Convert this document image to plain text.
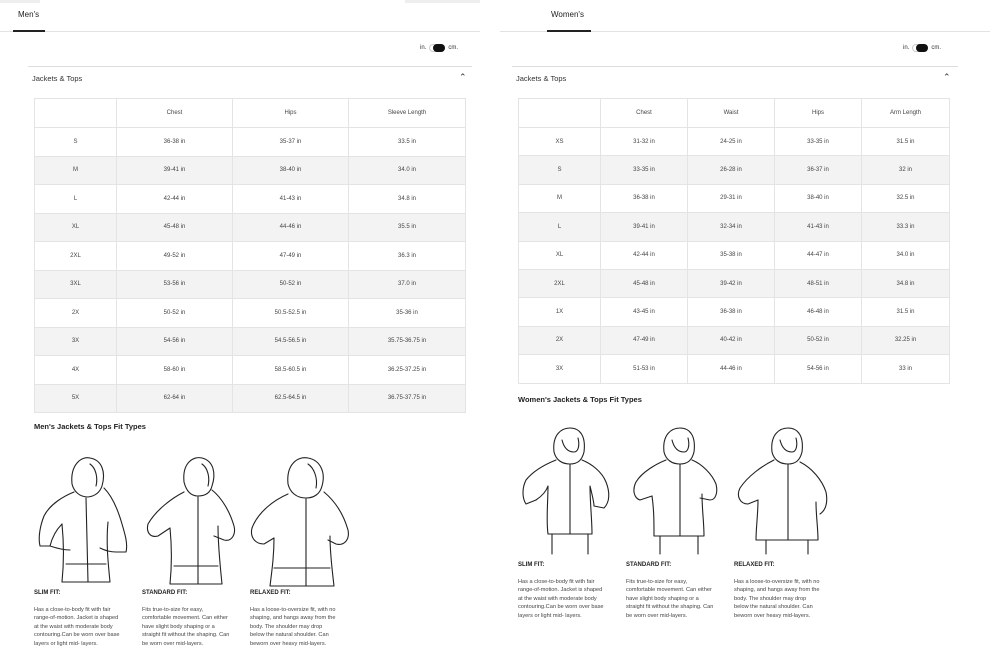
Men's
in.	cm.
Jackets & Tops	⌃
	Chest	Hips	Sleeve Length
S	36-38 in	35-37 in	33.5 in
M	39-41 in	38-40 in	34.0 in
L	42-44 in	41-43 in	34.8 in
XL	45-48 in	44-46 in	35.5 in
2XL	49-52 in	47-49 in	36.3 in
3XL	53-56 in	50-52 in	37.0 in
2X	50-52 in	50.5-52.5 in	35-36 in
3X	54-56 in	54.5-56.5 in	35.75-36.75 in
4X	58-60 in	58.5-60.5 in	36.25-37.25 in
5X	62-64 in	62.5-64.5 in	36.75-37.75 in
Men's Jackets & Tops Fit Types
SLIM FIT:
Has a close-to-body fit with fair
range-of-motion. Jacket is shaped
at the waist with moderate body
contouring.Can be worn over base
layers or light mid- layers.
STANDARD FIT:
Fits true-to-size for easy,
comfortable movement. Can either
have slight body shaping or a
straight fit without the shaping. Can
be worn over mid-layers.
RELAXED FIT:
Has a loose-to-oversize fit, with no
shaping, and hangs away from the
body. The shoulder may drop
below the natural shoulder. Can
beworn over heavy mid-layers.
Women's
in.	cm.
Jackets & Tops	⌃
	Chest	Waist	Hips	Arm Length
XS	31-32 in	24-25 in	33-35 in	31.5 in
S	33-35 in	26-28 in	36-37 in	32 in
M	36-38 in	29-31 in	38-40 in	32.5 in
L	39-41 in	32-34 in	41-43 in	33.3 in
XL	42-44 in	35-38 in	44-47 in	34.0 in
2XL	45-48 in	39-42 in	48-51 in	34.8 in
1X	43-45 in	36-38 in	46-48 in	31.5 in
2X	47-49 in	40-42 in	50-52 in	32.25 in
3X	51-53 in	44-46 in	54-56 in	33 in
Women's Jackets & Tops Fit Types
SLIM FIT:
Has a close-to-body fit with fair
range-of-motion. Jacket is shaped
at the waist with moderate body
contouring.Can be worn over base
layers or light mid- layers.
STANDARD FIT:
Fits true-to-size for easy,
comfortable movement. Can either
have slight body shaping or a
straight fit without the shaping. Can
be worn over mid-layers.
RELAXED FIT:
Has a loose-to-oversize fit, with no
shaping, and hangs away from the
body. The shoulder may drop
below the natural shoulder. Can
beworn over heavy mid-layers.
